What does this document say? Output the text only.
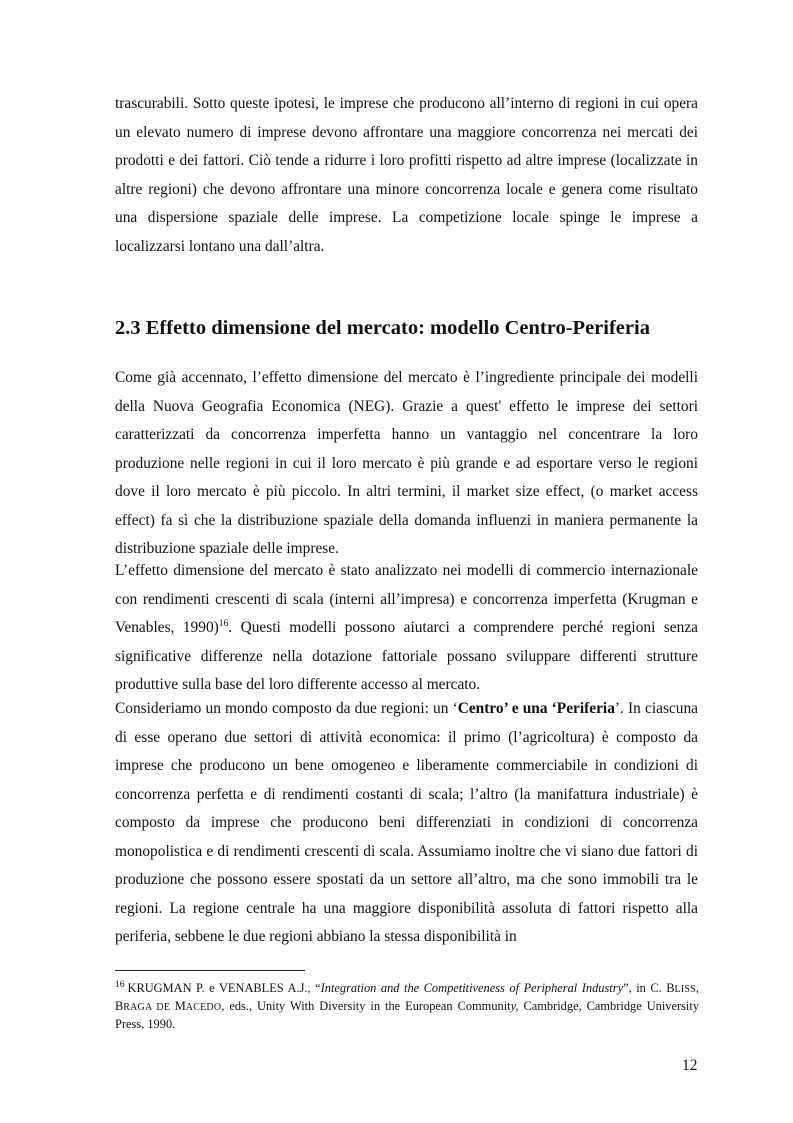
trascurabili. Sotto queste ipotesi, le imprese che producono all’interno di regioni in cui opera un elevato numero di imprese devono affrontare una maggiore concorrenza nei mercati dei prodotti e dei fattori. Ciò tende a ridurre i loro profitti rispetto ad altre imprese (localizzate in altre regioni) che devono affrontare una minore concorrenza locale e genera come risultato una dispersione spaziale delle imprese. La competizione locale spinge le imprese a localizzarsi lontano una dall’altra.

2.3 Effetto dimensione del mercato: modello Centro-Periferia

Come già accennato, l’effetto dimensione del mercato è l’ingrediente principale dei modelli della Nuova Geografia Economica (NEG). Grazie a quest' effetto le imprese dei settori caratterizzati da concorrenza imperfetta hanno un vantaggio nel concentrare la loro produzione nelle regioni in cui il loro mercato è più grande e ad esportare verso le regioni dove il loro mercato è più piccolo. In altri termini, il market size effect, (o market access effect) fa sì che la distribuzione spaziale della domanda influenzi in maniera permanente la distribuzione spaziale delle imprese.

L’effetto dimensione del mercato è stato analizzato nei modelli di commercio internazionale con rendimenti crescenti di scala (interni all’impresa) e concorrenza imperfetta (Krugman e Venables, 1990)$^{16}$. Questi modelli possono aiutarci a comprendere perché regioni senza significative differenze nella dotazione fattoriale possano sviluppare differenti strutture produttive sulla base del loro differente accesso al mercato.

Consideriamo un mondo composto da due regioni: un ‘Centro’ e una ‘Periferia’. In ciascuna di esse operano due settori di attività economica: il primo (l’agricoltura) è composto da imprese che producono un bene omogeneo e liberamente commerciabile in condizioni di concorrenza perfetta e di rendimenti costanti di scala; l’altro (la manifattura industriale) è composto da imprese che producono beni differenziati in condizioni di concorrenza monopolistica e di rendimenti crescenti di scala. Assumiamo inoltre che vi siano due fattori di produzione che possono essere spostati da un settore all’altro, ma che sono immobili tra le regioni. La regione centrale ha una maggiore disponibilità assoluta di fattori rispetto alla periferia, sebbene le due regioni abbiano la stessa disponibilità in

$^{16}$ KRUGMAN P. e VENABLES A.J., “Integration and the Competitiveness of Peripheral Industry”, in C. BLISS, BRAGA DE MACEDO, eds., Unity With Diversity in the European Community, Cambridge, Cambridge University Press, 1990.

12
